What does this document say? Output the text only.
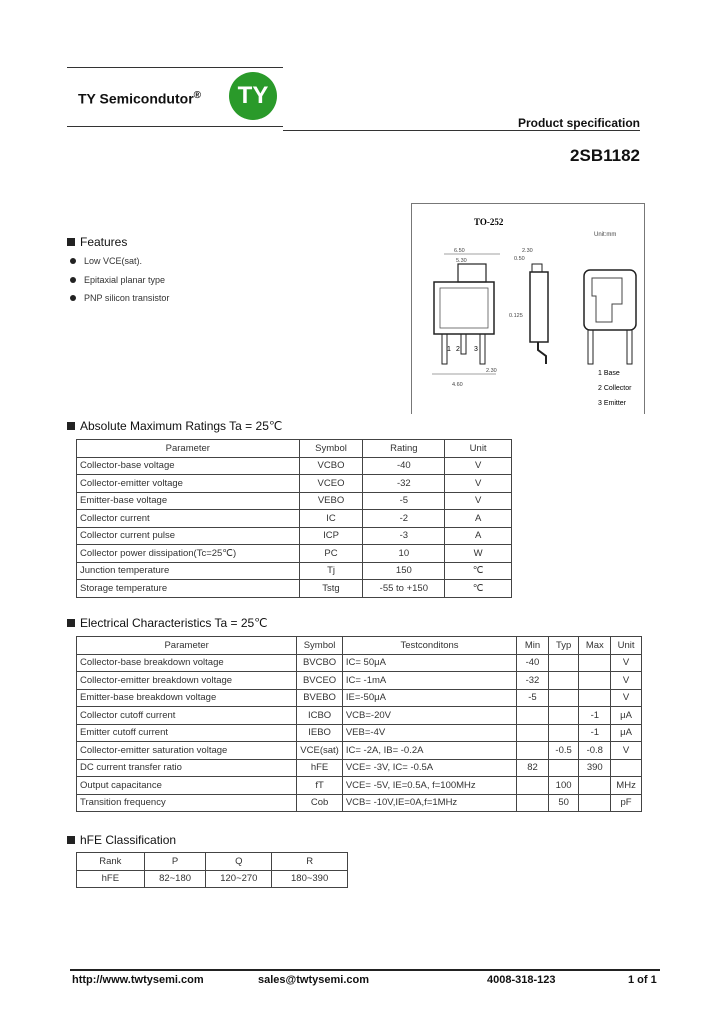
TY Semicondutor® TY
Product specification
2SB1182
Features
Low VCE(sat).
Epitaxial planar type
PNP silicon transistor
TO-252
Unit:mm
6.50
5.30
2.30
0.50
0.125
2.30
4.60
1 2 3
1 Base
2 Collector
3 Emitter
Absolute Maximum Ratings Ta = 25℃
Parameter	Symbol	Rating	Unit
Collector-base voltage	VCBO	-40	V
Collector-emitter voltage	VCEO	-32	V
Emitter-base voltage	VEBO	-5	V
Collector current	IC	-2	A
Collector current pulse	ICP	-3	A
Collector power dissipation(Tc=25℃)	PC	10	W
Junction temperature	Tj	150	℃
Storage temperature	Tstg	-55 to +150	℃
Electrical Characteristics Ta = 25℃
Parameter	Symbol	Testconditons	Min	Typ	Max	Unit
Collector-base breakdown voltage	BVCBO	IC= 50μA	-40			V
Collector-emitter breakdown voltage	BVCEO	IC= -1mA	-32			V
Emitter-base breakdown voltage	BVEBO	IE=-50μA	-5			V
Collector cutoff current	ICBO	VCB=-20V			-1	μA
Emitter cutoff current	IEBO	VEB=-4V			-1	μA
Collector-emitter saturation voltage	VCE(sat)	IC= -2A, IB= -0.2A		-0.5	-0.8	V
DC current transfer ratio	hFE	VCE= -3V, IC= -0.5A	82		390	
Output capacitance	fT	VCE= -5V, IE=0.5A, f=100MHz		100		MHz
Transition frequency	Cob	VCB= -10V,IE=0A,f=1MHz		50		pF
hFE Classification
Rank	P	Q	R
hFE	82~180	120~270	180~390
http://www.twtysemi.com	sales@twtysemi.com	4008-318-123	1 of 1
